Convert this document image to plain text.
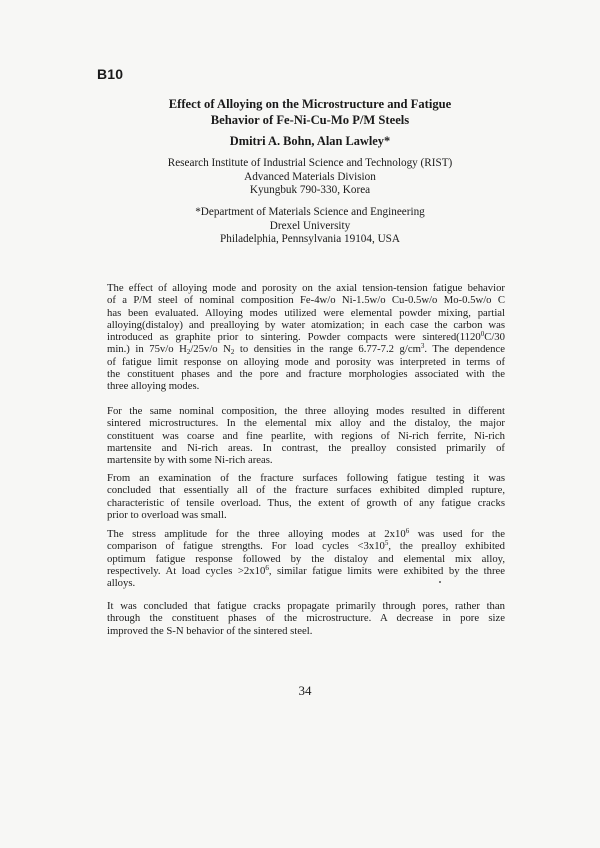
B10
Effect of Alloying on the Microstructure and Fatigue
Behavior of Fe-Ni-Cu-Mo P/M Steels
Dmitri A. Bohn, Alan Lawley*
Research Institute of Industrial Science and Technology (RIST)
Advanced Materials Division
Kyungbuk 790-330, Korea
*Department of Materials Science and Engineering
Drexel University
Philadelphia, Pennsylvania 19104, USA
The effect of alloying mode and porosity on the axial tension-tension fatigue behavior
of a P/M steel of nominal composition Fe-4w/o Ni-1.5w/o Cu-0.5w/o Mo-0.5w/o C
has been evaluated. Alloying modes utilized were elemental powder mixing, partial
alloying(distaloy) and prealloying by water atomization; in each case the carbon was
introduced as graphite prior to sintering. Powder compacts were sintered(1120$^0$C/30
min.) in 75v/o $H_2/25v/o$ $N_2$ to densities in the range 6.77-7.2 $g/cm^3$. The dependence
of fatigue limit response on alloying mode and porosity was interpreted in terms of
the constituent phases and the pore and fracture morphologies associated with the
three alloying modes.
For the same nominal composition, the three alloying modes resulted in different
sintered microstructures. In the elemental mix alloy and the distaloy, the major
constituent was coarse and fine pearlite, with regions of Ni-rich ferrite, Ni-rich
martensite and Ni-rich areas. In contrast, the prealloy consisted primarily of
martensite by with some Ni-rich areas.
From an examination of the fracture surfaces following fatigue testing it was
concluded that essentially all of the fracture surfaces exhibited dimpled rupture,
characteristic of tensile overload. Thus, the extent of growth of any fatigue cracks
prior to overload was small.
The stress amplitude for the three alloying modes at $2x10^6$ was used for the
comparison of fatigue strengths. For load cycles $<3x10^5$, the prealloy exhibited
optimum fatigue response followed by the distaloy and elemental mix alloy,
respectively. At load cycles $>2x10^6$, similar fatigue limits were exhibited by the three
alloys.
It was concluded that fatigue cracks propagate primarily through pores, rather than
through the constituent phases of the microstructure. A decrease in pore size
improved the S-N behavior of the sintered steel.
34
